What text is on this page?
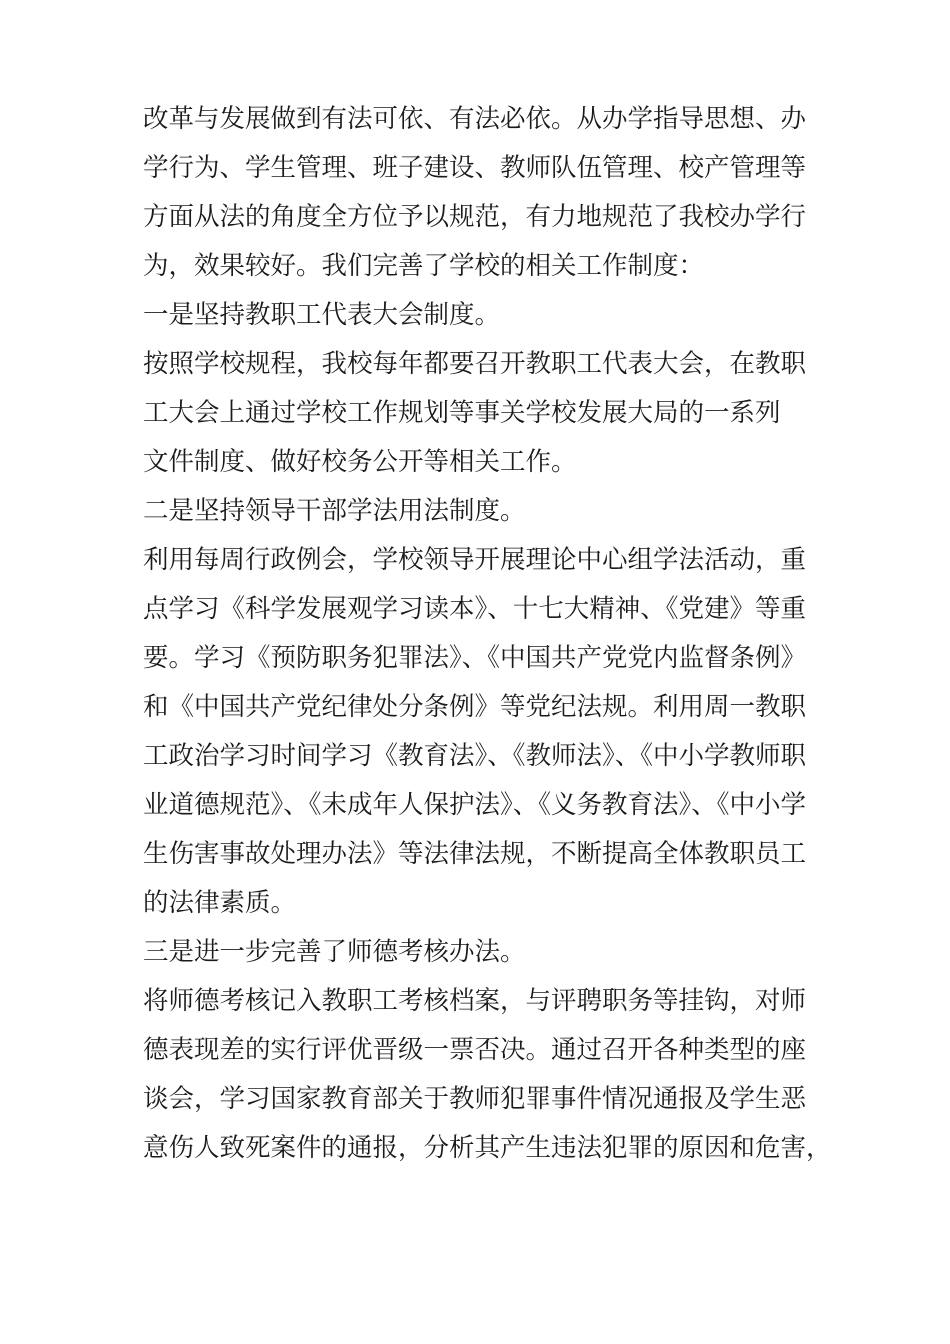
改革与发展做到有法可依、有法必依。从办学指导思想、办
学行为、学生管理、班子建设、教师队伍管理、校产管理等
方面从法的角度全方位予以规范，有力地规范了我校办学行
为，效果较好。我们完善了学校的相关工作制度：
一是坚持教职工代表大会制度。
按照学校规程，我校每年都要召开教职工代表大会，在教职
工大会上通过学校工作规划等事关学校发展大局的一系列
文件制度、做好校务公开等相关工作。
二是坚持领导干部学法用法制度。
利用每周行政例会，学校领导开展理论中心组学法活动，重
点学习《科学发展观学习读本》、十七大精神、《党建》等重
要。学习《预防职务犯罪法》、《中国共产党党内监督条例》
和《中国共产党纪律处分条例》等党纪法规。利用周一教职
工政治学习时间学习《教育法》、《教师法》、《中小学教师职
业道德规范》、《未成年人保护法》、《义务教育法》、《中小学
生伤害事故处理办法》等法律法规，不断提高全体教职员工
的法律素质。
三是进一步完善了师德考核办法。
将师德考核记入教职工考核档案，与评聘职务等挂钩，对师
德表现差的实行评优晋级一票否决。通过召开各种类型的座
谈会，学习国家教育部关于教师犯罪事件情况通报及学生恶
意伤人致死案件的通报，分析其产生违法犯罪的原因和危害，
